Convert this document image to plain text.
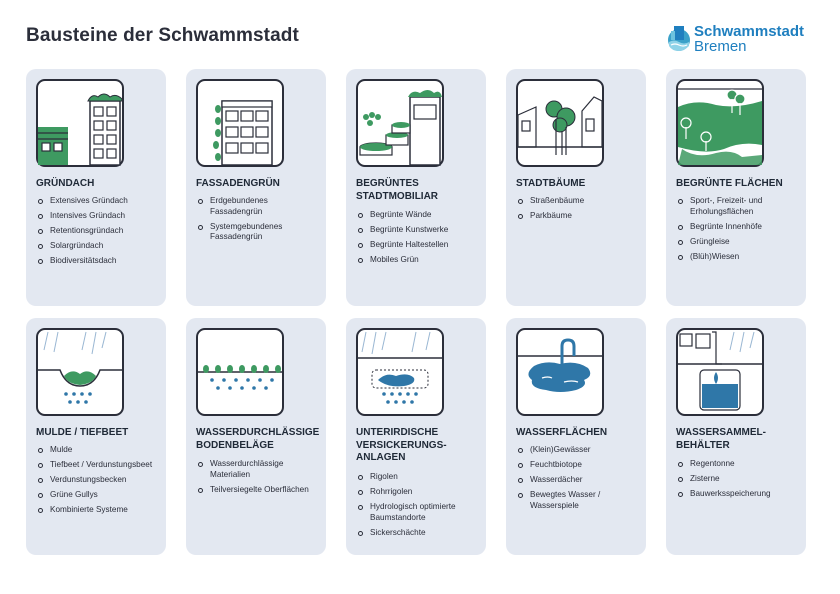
Bausteine der Schwammstadt	Schwammstadt
Bremen
GRÜNDACH
Extensives Gründach
Intensives Gründach
Retentionsgründach
Solargründach
Biodiversitätsdach
FASSADENGRÜN
Erdgebundenes Fassadengrün
Systemgebundenes Fassadengrün
BEGRÜNTES STADTMOBILIAR
Begrünte Wände
Begrünte Kunstwerke
Begrünte Haltestellen
Mobiles Grün
STADTBÄUME
Straßenbäume
Parkbäume
BEGRÜNTE FLÄCHEN
Sport-, Freizeit- und Erholungsflächen
Begrünte Innenhöfe
Grüngleise
(Blüh)Wiesen
MULDE / TIEFBEET
Mulde
Tiefbeet / Verdunstungsbeet
Verdunstungsbecken
Grüne Gullys
Kombinierte Systeme
WASSERDURCHLÄSSIGE BODENBELÄGE
Wasserdurchlässige Materialien
Teilversiegelte Oberflächen
UNTERIRDISCHE VERSICKERUNGS-ANLAGEN
Rigolen
Rohrrigolen
Hydrologisch optimierte Baumstandorte
Sickerschächte
WASSERFLÄCHEN
(Klein)Gewässer
Feuchtbiotope
Wasserdächer
Bewegtes Wasser / Wasserspiele
WASSERSAMMEL-BEHÄLTER
Regentonne
Zisterne
Bauwerksspeicherung
